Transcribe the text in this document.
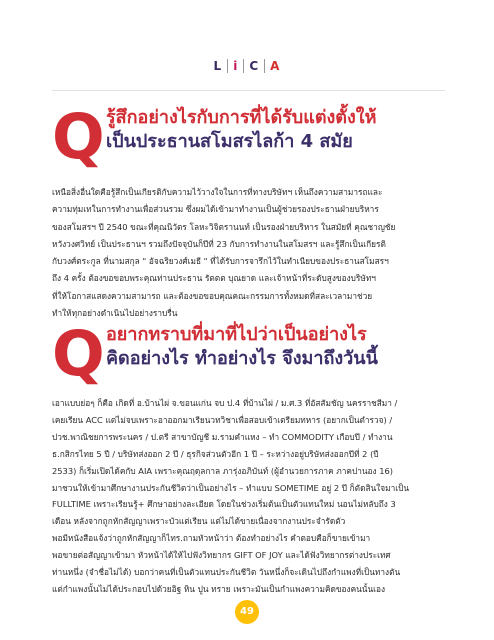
L i C A
Q รู้สึกอย่างไรกับการที่ได้รับแต่งตั้งให้
เป็นประธานสโมสรไลก้า 4 สมัย
เหนือสิ่งอื่นใดคือรู้สึกเป็นเกียรติกับความไว้วางใจในการที่ทางบริษัทฯ เห็นถึงความสามารถและ
ความทุ่มเทในการทำงานเพื่อส่วนรวม ซึ่งผมได้เข้ามาทำงานเป็นผู้ช่วยรองประธานฝ่ายบริหาร
ของสโมสรฯ ปี 2540 ขณะที่คุณนิวัตร โลหะวิจิตรานนท์ เป็นรองฝ่ายบริหาร ในสมัยที่ คุณชาญชัย
หวังวงศวิทย์ เป็นประธานฯ รวมถึงปัจจุบันก็ปีที่ 23 กับการทำงานในสโมสรฯ และรู้สึกเป็นเกียรติ
กับวงศ์ตระกูล ที่นามสกุล " อัจฉริยวงศ์เมธี " ที่ได้รับการจารึกไว้ในทำเนียบของประธานสโมสรฯ
ถึง 4 ครั้ง ต้องขอขอบพระคุณท่านประธาน รัตตต บุณยาด และเจ้าหน้าที่ระดับสูงของบริษัทฯ
ที่ให้โอกาสแสดงความสามารถ และต้องขอขอบคุณคณะกรรมการทั้งหมดที่สละเวลามาช่วย
ทำให้ทุกอย่างดำเนินไปอย่างราบรื่น
Q อยากทราบที่มาที่ไปว่าเป็นอย่างไร
คิดอย่างไร ทำอย่างไร จึงมาถึงวันนี้
เอาแบบย่อๆ ก็คือ เกิดที่ อ.บ้านไผ่ จ.ขอนแก่น จบ ป.4 ที่บ้านไผ่ / ม.ศ.3 ที่อัสสัมชัญ นครราชสีมา /
เคยเรียน ACC แต่ไม่จบเพราะอาออกมาเรียนวทวิชาเพื่อสอบเข้าเตรียมทหาร (อยากเป็นตำรวจ) /
ปวช.พาณิชยการพระนคร / ป.ตรี สาขาบัญชี ม.รามคำแหง – ทำ COMMODITY เกือบปี / ทำงาน
ธ.กสิกรไทย 5 ปี / บริษัทส่งออก 2 ปี / ธุรกิจส่วนตัวอีก 1 ปี – ระหว่างอยู่บริษัทส่งออกปีที่ 2 (ปี
2533) ก็เริ่มเปิดได้คกับ AIA เพราะคุณฤดุลกาล ภารุ่งอภิบันท์ (ผู้อำนวยการภาค ภาคปานอง 16)
มาชวนให้เข้ามาศึกษางานประกันชีวิตว่าเป็นอย่างไร – ทำแบบ SOMETIME อยู่ 2 ปี ก็ตัดสินใจมาเป็น
FULLTIME เพราะเรียนรู้+ ศึกษาอย่างละเอียด โดยในช่วงเริ่มต้นเป็นตัวแทนใหม่ นอนไม่หลับถึง 3
เดือน หลังจากถูกหักสัญญาเพราะบัวแต่เรียน แต่ไม่ได้ขายเนื่องจากงานประจำรัดตัว
พอมีหนังสือแจ้งว่าถูกหักสัญญาก็ไทร.ถามหัวหน้าว่า ต้องทำอย่างไร คำตอบคือก็ขายเข้ามา
พอขายต่อสัญญาเข้ามา หัวหน้าได้ให้ไปฟังวิทยากร GIFT OF JOY และได้ฟังวิทยากรต่างประเทศ
ท่านหนึ่ง (จำชื่อไม่ได้) บอกว่าคนที่เป็นตัวแทนประกันชีวิต วันหนึ่งก็จะเดินไปถึงกำแพงที่เป็นทางตัน
แต่กำแพงนั้นไม่ได้ประกอบไปด้วยอิฐ หิน ปูน ทราย เพราะมันเป็นกำแพงความคิดของคนนั้นเอง
49
